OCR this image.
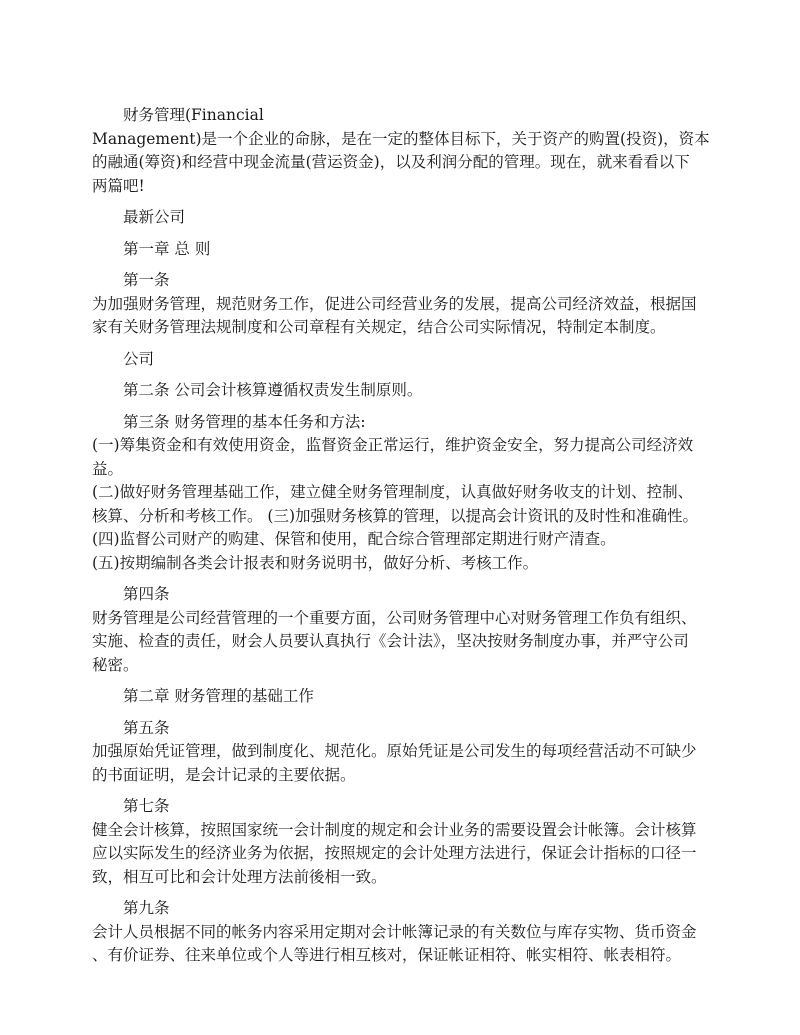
财务管理(Financial
Management)是一个企业的命脉，是在一定的整体目标下，关于资产的购置(投资)，资本
的融通(筹资)和经营中现金流量(营运资金)，以及利润分配的管理。现在，就来看看以下
两篇吧!
最新公司
第一章 总 则
第一条
为加强财务管理，规范财务工作，促进公司经营业务的发展，提高公司经济效益，根据国
家有关财务管理法规制度和公司章程有关规定，结合公司实际情况，特制定本制度。
公司
第二条 公司会计核算遵循权责发生制原则。
第三条 财务管理的基本任务和方法:
(一)筹集资金和有效使用资金，监督资金正常运行，维护资金安全，努力提高公司经济效
益。
(二)做好财务管理基础工作，建立健全财务管理制度，认真做好财务收支的计划、控制、
核算、分析和考核工作。 (三)加强财务核算的管理，以提高会计资讯的及时性和准确性。
(四)监督公司财产的购建、保管和使用，配合综合管理部定期进行财产清查。
(五)按期编制各类会计报表和财务说明书，做好分析、考核工作。
第四条
财务管理是公司经营管理的一个重要方面，公司财务管理中心对财务管理工作负有组织、
实施、检查的责任，财会人员要认真执行《会计法》，坚决按财务制度办事，并严守公司
秘密。
第二章 财务管理的基础工作
第五条
加强原始凭证管理，做到制度化、规范化。原始凭证是公司发生的每项经营活动不可缺少
的书面证明，是会计记录的主要依据。
第七条
健全会计核算，按照国家统一会计制度的规定和会计业务的需要设置会计帐簿。会计核算
应以实际发生的经济业务为依据，按照规定的会计处理方法进行，保证会计指标的口径一
致，相互可比和会计处理方法前後相一致。
第九条
会计人员根据不同的帐务内容采用定期对会计帐簿记录的有关数位与库存实物、货币资金
、有价证券、往来单位或个人等进行相互核对，保证帐证相符、帐实相符、帐表相符。
